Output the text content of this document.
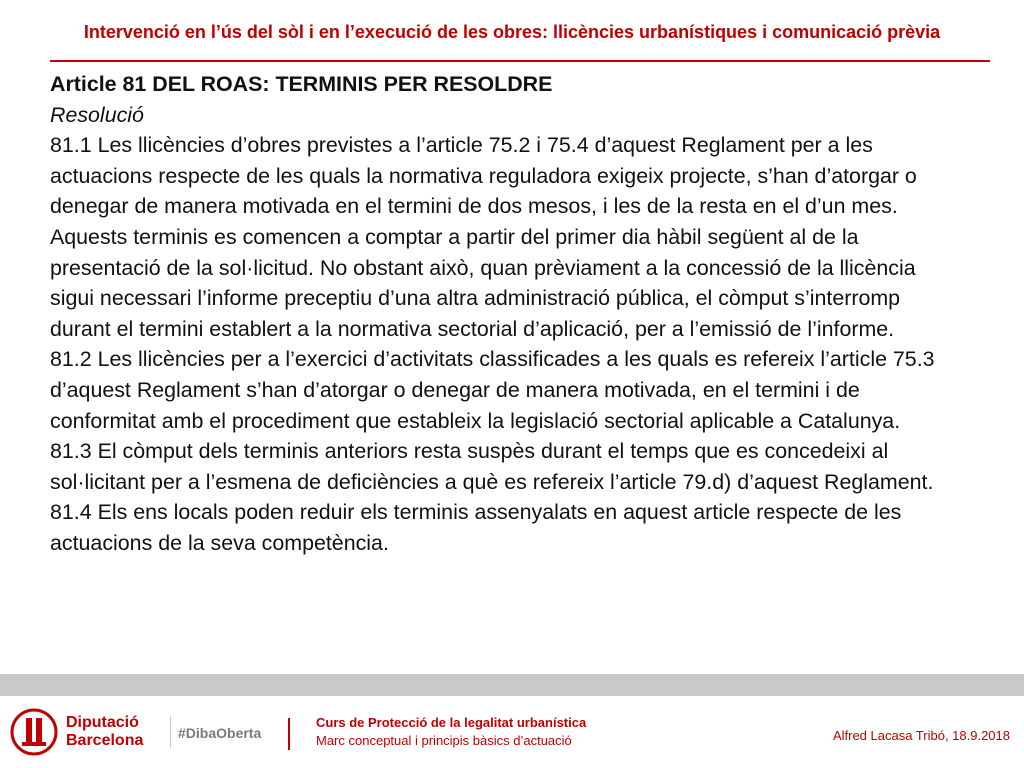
Intervenció en l’ús del sòl i en l’execució de les obres: llicències urbanístiques i comunicació prèvia

Article 81 DEL ROAS: TERMINIS PER RESOLDRE

Resolució

81.1 Les llicències d’obres previstes a l’article 75.2 i 75.4 d’aquest Reglament per a les actuacions respecte de les quals la normativa reguladora exigeix projecte, s’han d’atorgar o denegar de manera motivada en el termini de dos mesos, i les de la resta en el d’un mes. Aquests terminis es comencen a comptar a partir del primer dia hàbil següent al de la presentació de la sol·licitud. No obstant això, quan prèviament a la concessió de la llicència sigui necessari l’informe preceptiu d’una altra administració pública, el còmput s’interromp durant el termini establert a la normativa sectorial d’aplicació, per a l’emissió de l’informe.

81.2 Les llicències per a l’exercici d’activitats classificades a les quals es refereix l’article 75.3 d’aquest Reglament s’han d’atorgar o denegar de manera motivada, en el termini i de conformitat amb el procediment que estableix la legislació sectorial aplicable a Catalunya.

81.3 El còmput dels terminis anteriors resta suspès durant el temps que es concedeixi al sol·licitant per a l’esmena de deficiències a què es refereix l’article 79.d) d’aquest Reglament.

81.4 Els ens locals poden reduir els terminis assenyalats en aquest article respecte de les actuacions de la seva competència.

Diputació
Barcelona #DibaOberta
Curs de Protecció de la legalitat urbanística
Marc conceptual i principis bàsics d’actuació	Alfred Lacasa Tribó, 18.9.2018
